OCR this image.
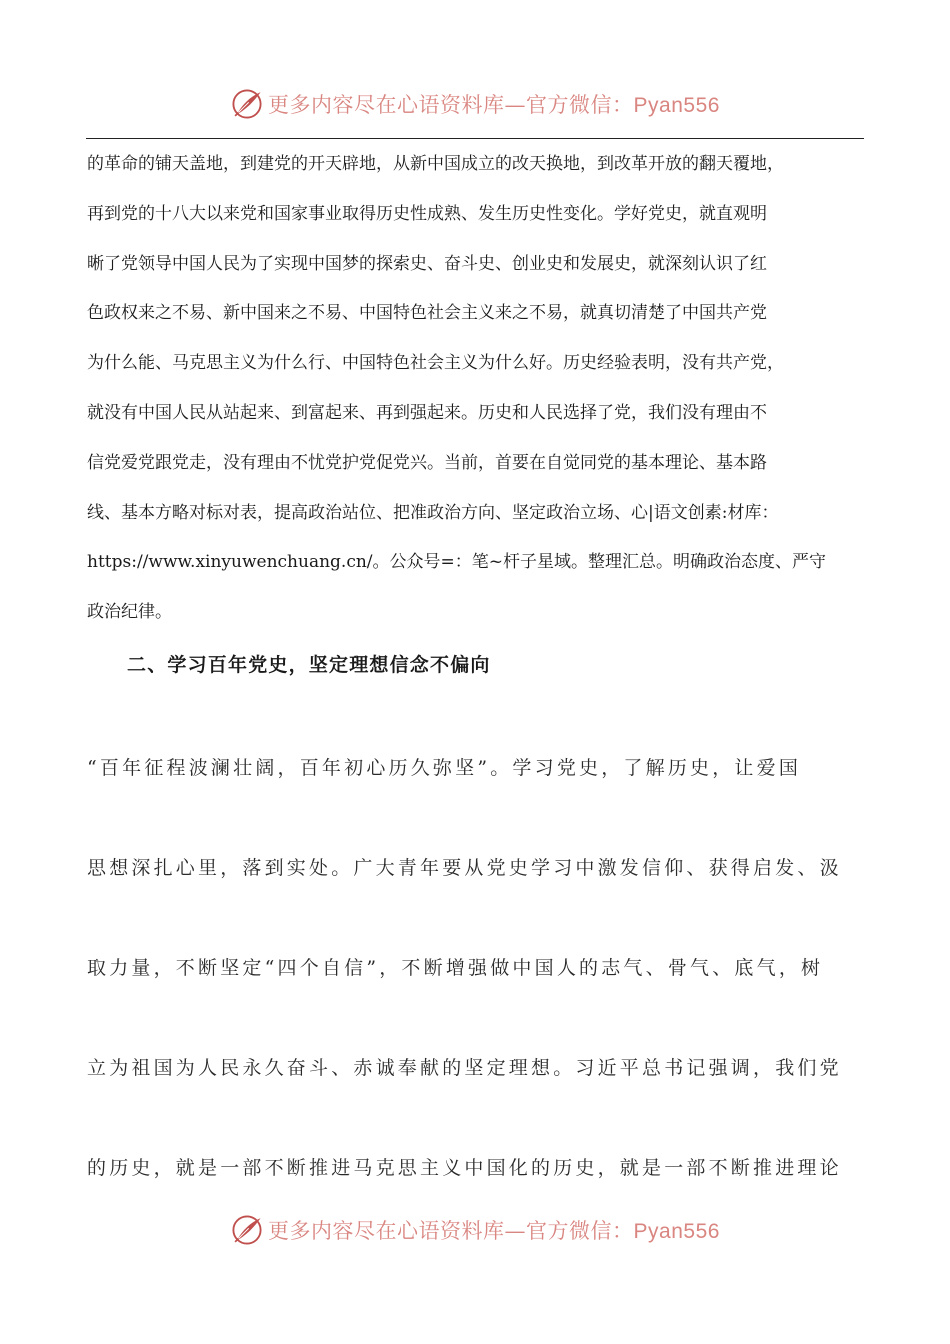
更多内容尽在心语资料库—官方微信：Pyan556
的革命的铺天盖地，到建党的开天辟地，从新中国成立的改天换地，到改革开放的翻天覆地，
再到党的十八大以来党和国家事业取得历史性成熟、发生历史性变化。学好党史，就直观明
晰了党领导中国人民为了实现中国梦的探索史、奋斗史、创业史和发展史，就深刻认识了红
色政权来之不易、新中国来之不易、中国特色社会主义来之不易，就真切清楚了中国共产党
为什么能、马克思主义为什么行、中国特色社会主义为什么好。历史经验表明，没有共产党，
就没有中国人民从站起来、到富起来、再到强起来。历史和人民选择了党，我们没有理由不
信党爱党跟党走，没有理由不忧党护党促党兴。当前，首要在自觉同党的基本理论、基本路
线、基本方略对标对表，提高政治站位、把准政治方向、坚定政治立场、心|语文创素:材库：
https://www.xinyuwenchuang.cn/。公众号=：笔~杆子星域。整理汇总。明确政治态度、严守
政治纪律。
二、学习百年党史，坚定理想信念不偏向
“百年征程波澜壮阔，百年初心历久弥坚”。学习党史，了解历史，让爱国
思想深扎心里，落到实处。广大青年要从党史学习中激发信仰、获得启发、汲
取力量，不断坚定“四个自信”，不断增强做中国人的志气、骨气、底气，树
立为祖国为人民永久奋斗、赤诚奉献的坚定理想。习近平总书记强调，我们党
的历史，就是一部不断推进马克思主义中国化的历史，就是一部不断推进理论
更多内容尽在心语资料库—官方微信：Pyan556
